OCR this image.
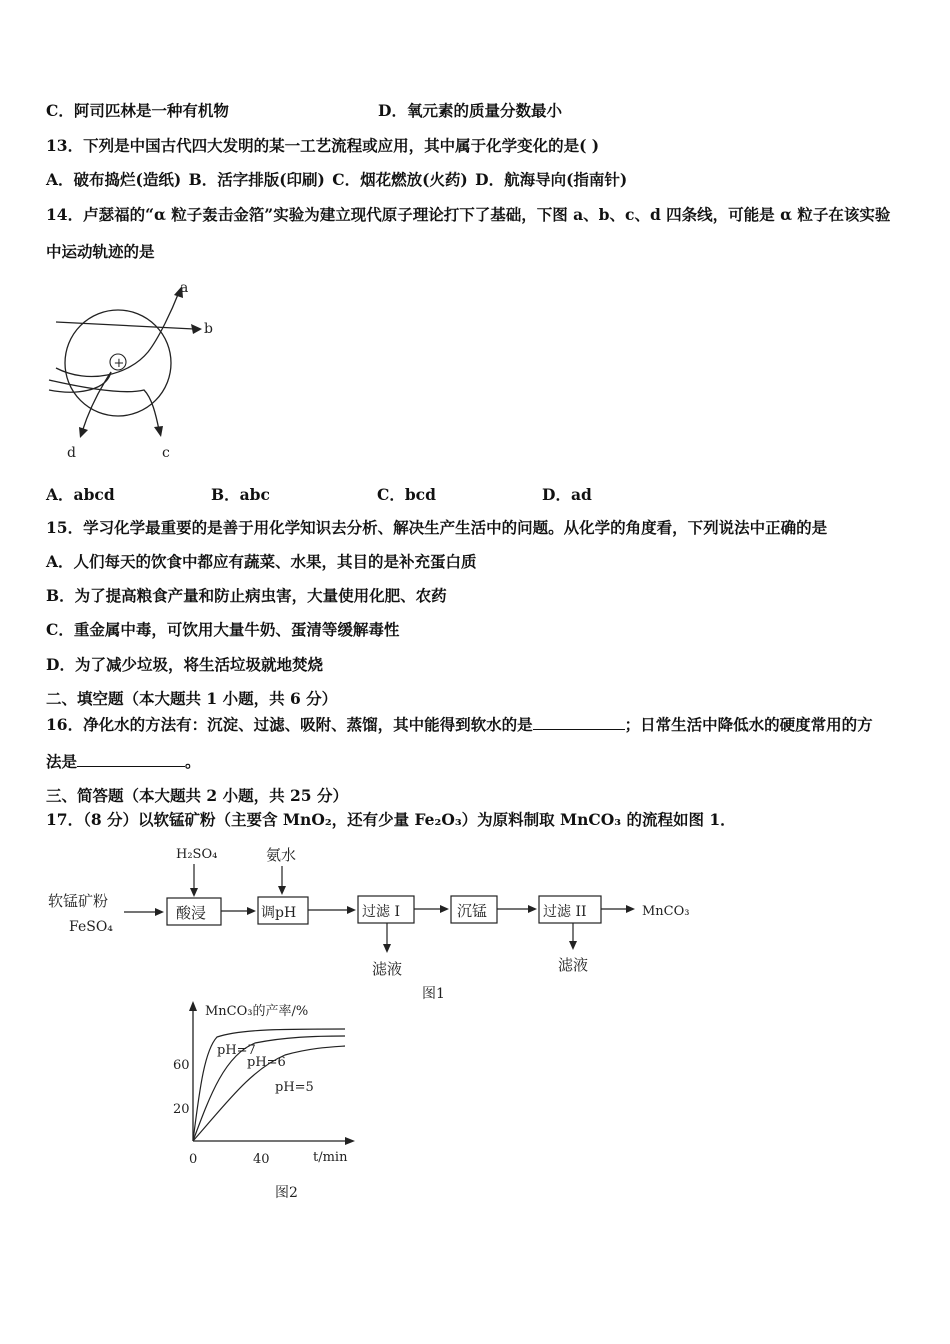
C．阿司匹林是一种有机物	D．氧元素的质量分数最小
13．下列是中国古代四大发明的某一工艺流程或应用，其中属于化学变化的是( )
A．破布捣烂(造纸) B．活字排版(印刷) C．烟花燃放(火药) D．航海导向(指南针)
14．卢瑟福的“α 粒子轰击金箔”实验为建立现代原子理论打下了基础，下图 a、b、c、d 四条线，可能是 α 粒子在该实验
中运动轨迹的是
+
a
b
c
d
A．abcd	B．abc	C．bcd	D．ad
15．学习化学最重要的是善于用化学知识去分析、解决生产生活中的问题。从化学的角度看，下列说法中正确的是
A．人们每天的饮食中都应有蔬菜、水果，其目的是补充蛋白质
B．为了提高粮食产量和防止病虫害，大量使用化肥、农药
C．重金属中毒，可饮用大量牛奶、蛋清等缓解毒性
D．为了减少垃圾，将生活垃圾就地焚烧
二、填空题（本大题共 1 小题，共 6 分）
16．净化水的方法有：沉淀、过滤、吸附、蒸馏，其中能得到软水的是	；日常生活中降低水的硬度常用的方
法是	。
三、简答题（本大题共 2 小题，共 25 分）
17．（8 分）以软锰矿粉（主要含 MnO₂，还有少量 Fe₂O₃）为原料制取 MnCO₃ 的流程如图 1．
软锰矿粉
FeSO₄
H₂SO₄	氨水
酸浸	调pH	过滤 I	沉锰	过滤 II	MnCO₃
滤液	滤液
图1
MnCO₃的产率/%
60
20
0	40	t/min
pH=7
pH=6
pH=5
图2
